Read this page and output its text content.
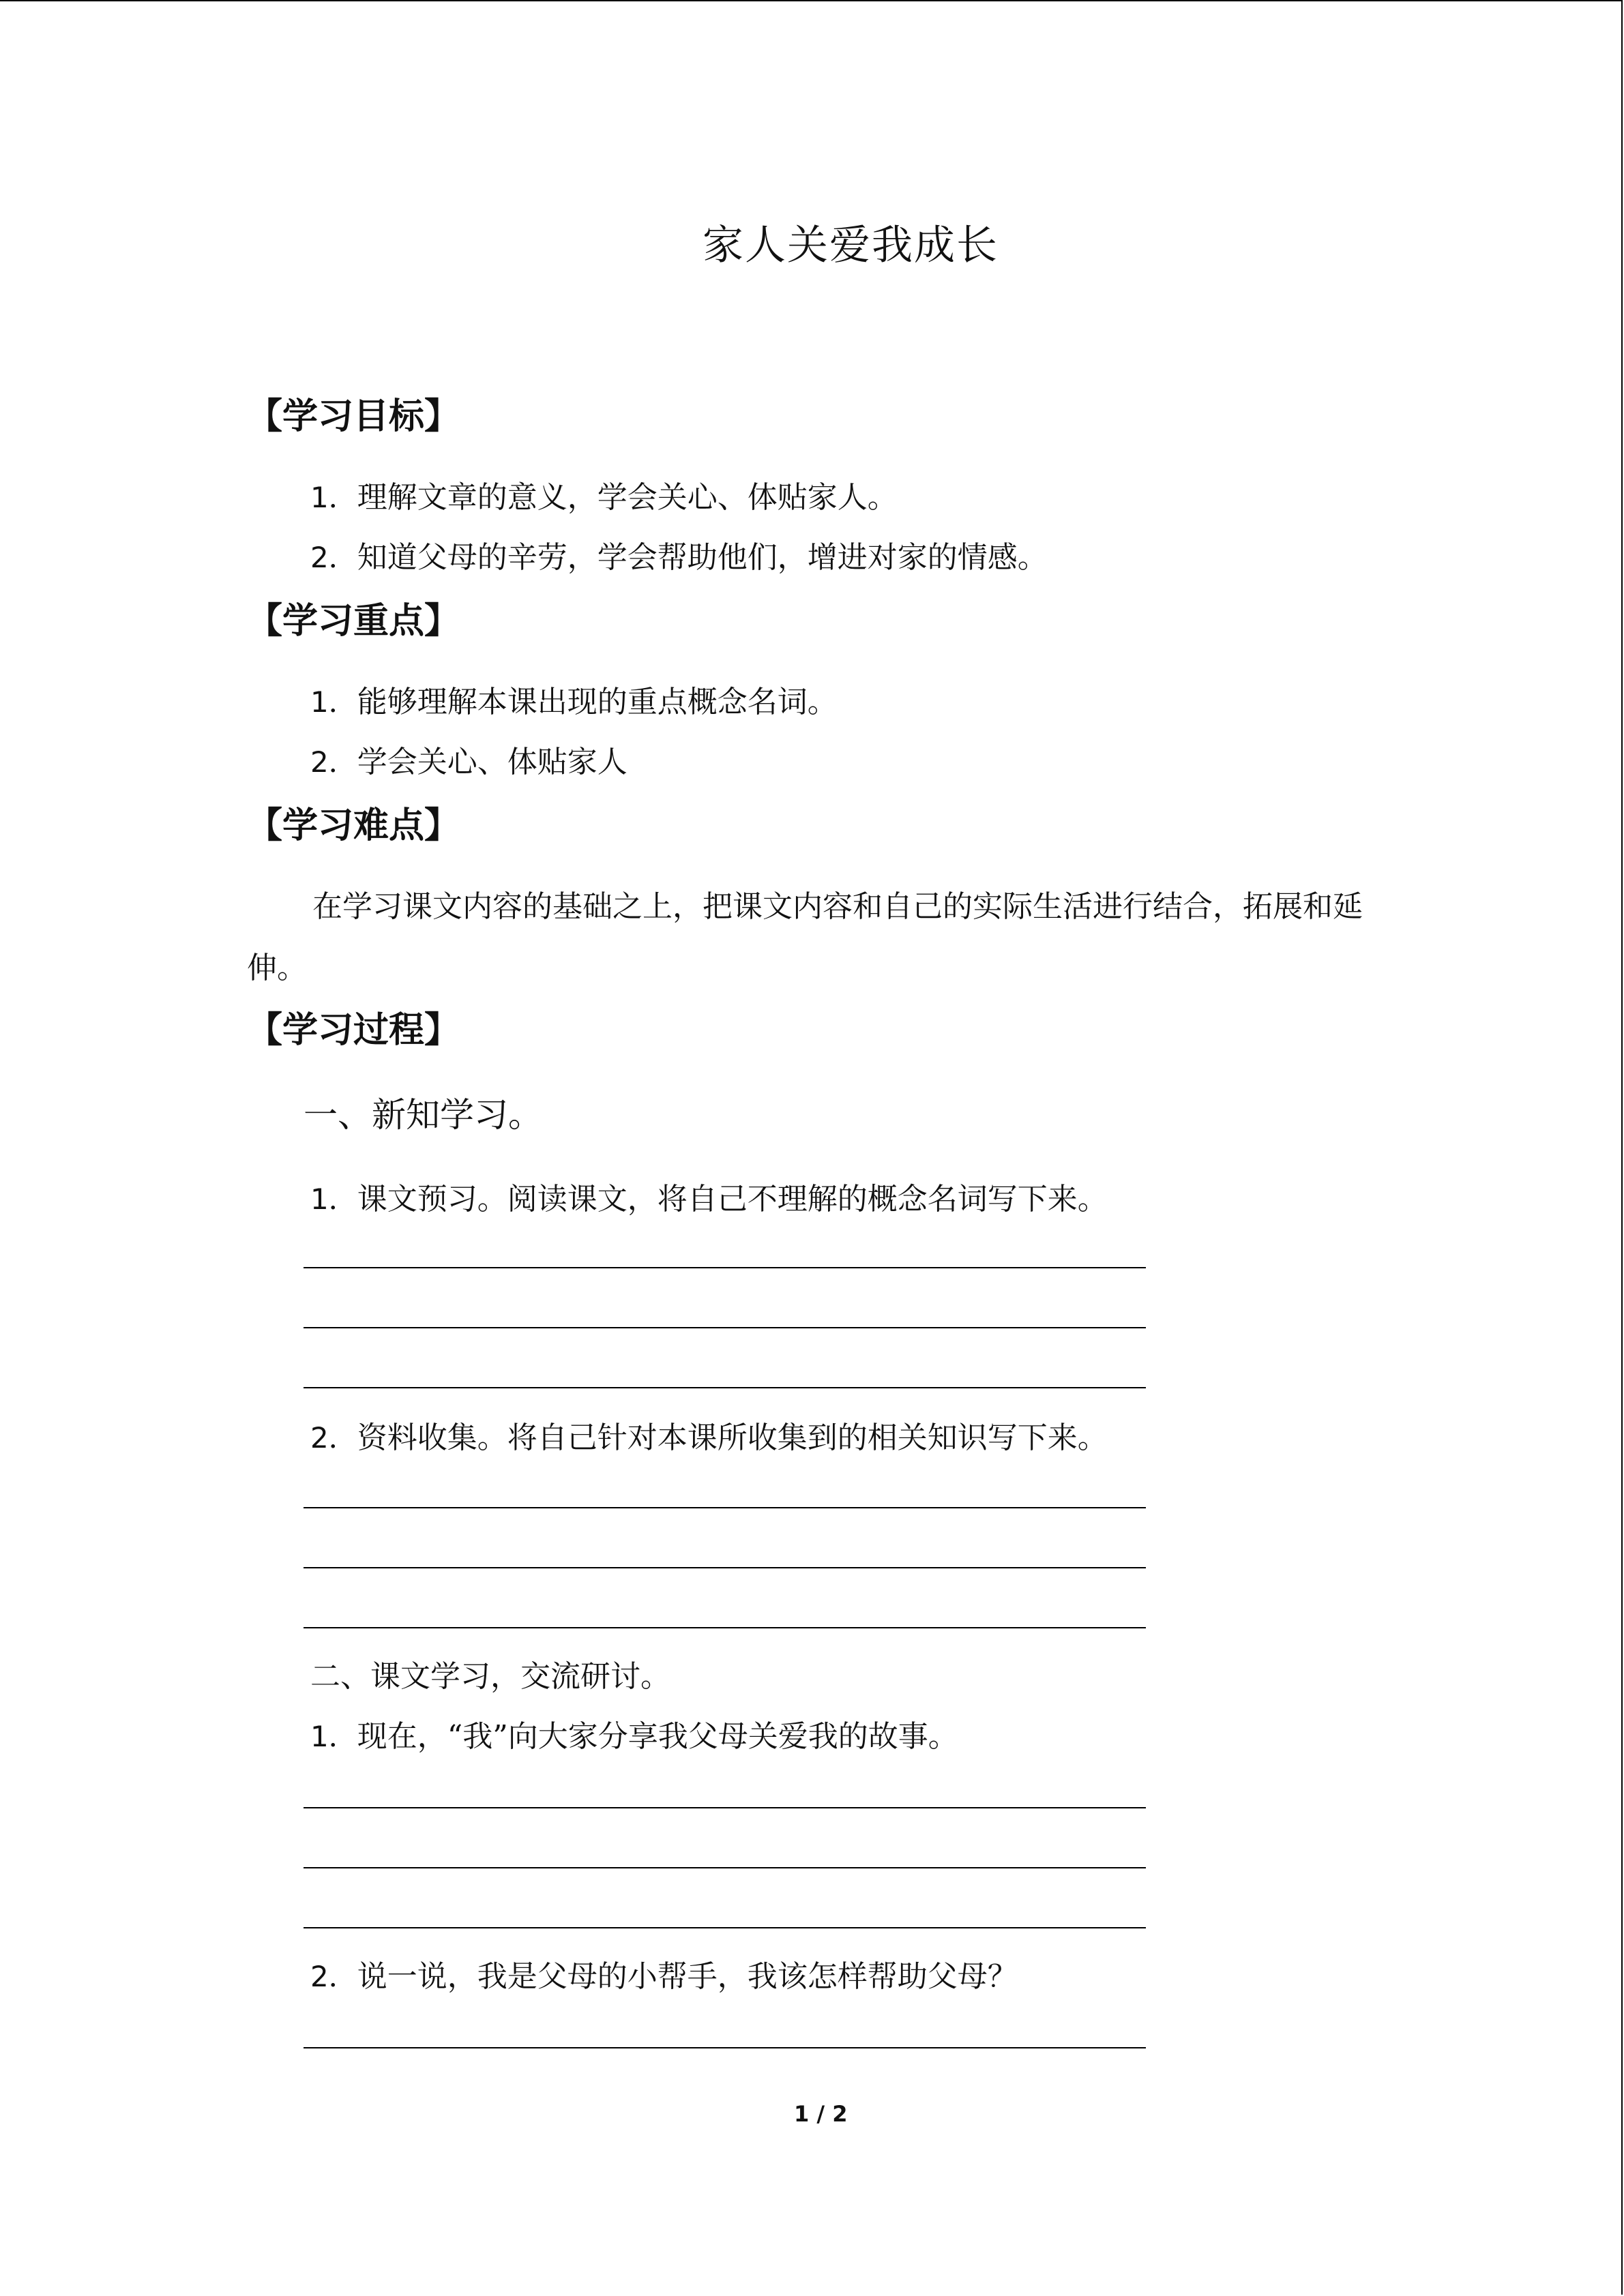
家人关爱我成长
【学习目标】
1．理解文章的意义，学会关心、体贴家人。
2．知道父母的辛劳，学会帮助他们，增进对家的情感。
【学习重点】
1．能够理解本课出现的重点概念名词。
2．学会关心、体贴家人
【学习难点】
在学习课文内容的基础之上，把课文内容和自己的实际生活进行结合，拓展和延伸。
【学习过程】
一、新知学习。
1．课文预习。阅读课文，将自己不理解的概念名词写下来。
2．资料收集。将自己针对本课所收集到的相关知识写下来。
二、课文学习，交流研讨。
1．现在，“我”向大家分享我父母关爱我的故事。
2．说一说，我是父母的小帮手，我该怎样帮助父母？
1 / 2
